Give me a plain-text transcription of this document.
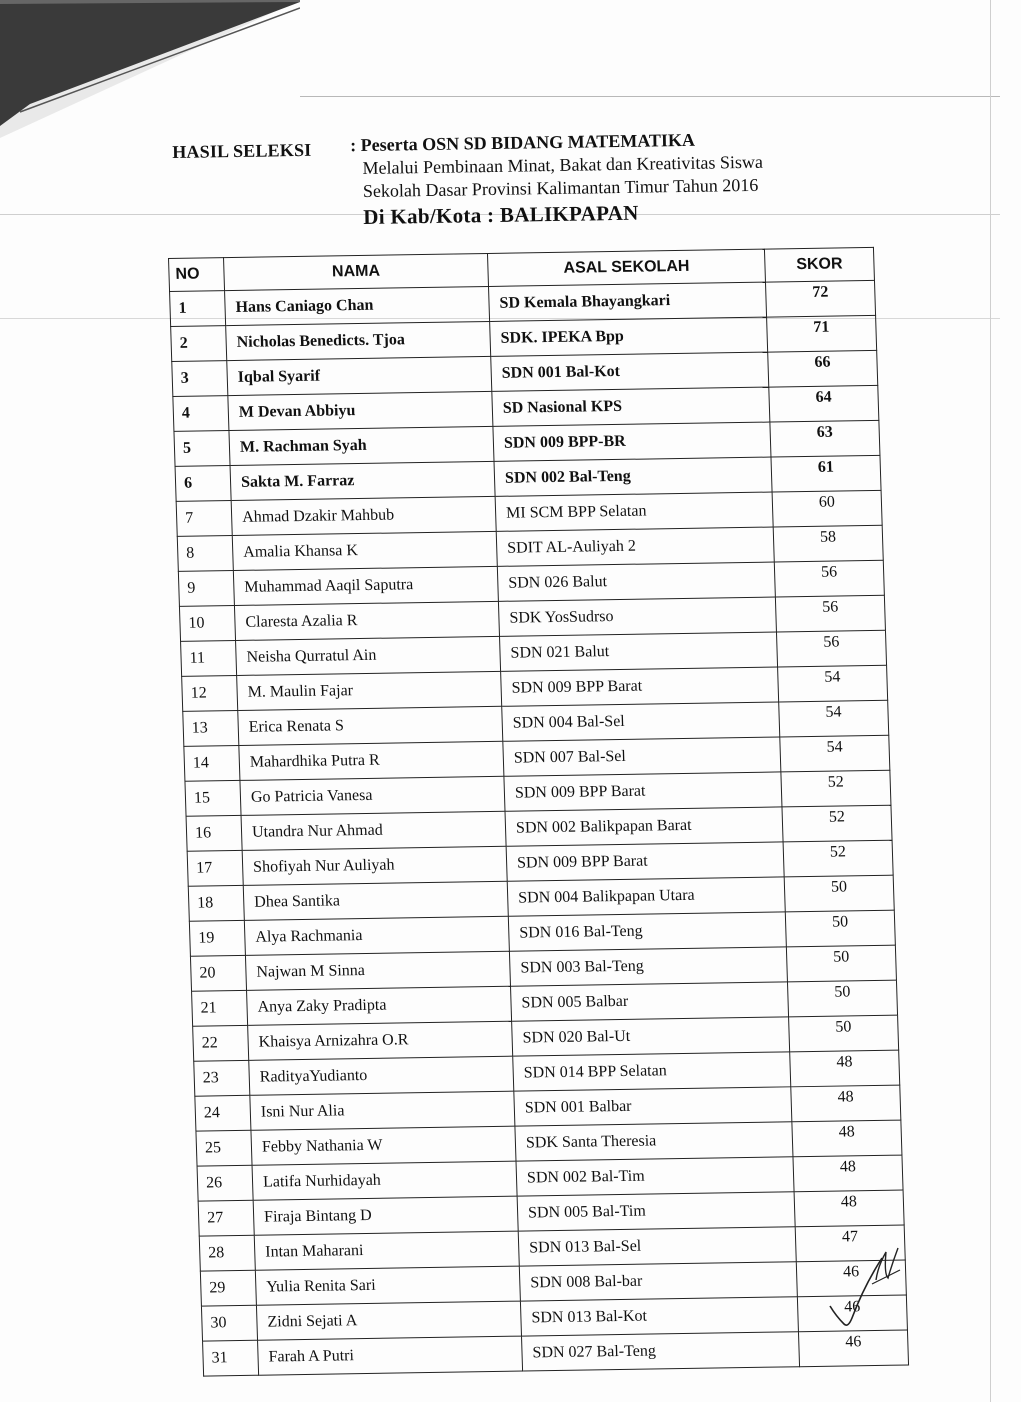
HASIL SELEKSI : Peserta OSN SD BIDANG MATEMATIKA
Melalui Pembinaan Minat, Bakat dan Kreativitas Siswa
Sekolah Dasar Provinsi Kalimantan Timur Tahun 2016
Di Kab/Kota : BALIKPAPAN
NO	NAMA	ASAL SEKOLAH	SKOR
1	Hans Caniago Chan	SD Kemala Bhayangkari	72
2	Nicholas Benedicts. Tjoa	SDK. IPEKA Bpp	71
3	Iqbal Syarif	SDN 001 Bal-Kot	66
4	M Devan Abbiyu	SD Nasional KPS	64
5	M. Rachman Syah	SDN 009 BPP-BR	63
6	Sakta M. Farraz	SDN 002 Bal-Teng	61
7	Ahmad Dzakir Mahbub	MI SCM BPP Selatan	60
8	Amalia Khansa K	SDIT AL-Auliyah 2	58
9	Muhammad Aaqil Saputra	SDN 026 Balut	56
10	Claresta Azalia R	SDK YosSudrso	56
11	Neisha Qurratul Ain	SDN 021 Balut	56
12	M. Maulin Fajar	SDN 009 BPP Barat	54
13	Erica Renata S	SDN 004 Bal-Sel	54
14	Mahardhika Putra R	SDN 007 Bal-Sel	54
15	Go Patricia Vanesa	SDN 009 BPP Barat	52
16	Utandra Nur Ahmad	SDN 002 Balikpapan Barat	52
17	Shofiyah Nur Auliyah	SDN 009 BPP Barat	52
18	Dhea Santika	SDN 004 Balikpapan Utara	50
19	Alya Rachmania	SDN 016 Bal-Teng	50
20	Najwan M Sinna	SDN 003 Bal-Teng	50
21	Anya Zaky Pradipta	SDN 005 Balbar	50
22	Khaisya Arnizahra O.R	SDN 020 Bal-Ut	50
23	RadityaYudianto	SDN 014 BPP Selatan	48
24	Isni Nur Alia	SDN 001 Balbar	48
25	Febby Nathania W	SDK Santa Theresia	48
26	Latifa Nurhidayah	SDN 002 Bal-Tim	48
27	Firaja Bintang D	SDN 005 Bal-Tim	48
28	Intan Maharani	SDN 013 Bal-Sel	47
29	Yulia Renita Sari	SDN 008 Bal-bar	46
30	Zidni Sejati A	SDN 013 Bal-Kot	46
31	Farah A Putri	SDN 027 Bal-Teng	46
